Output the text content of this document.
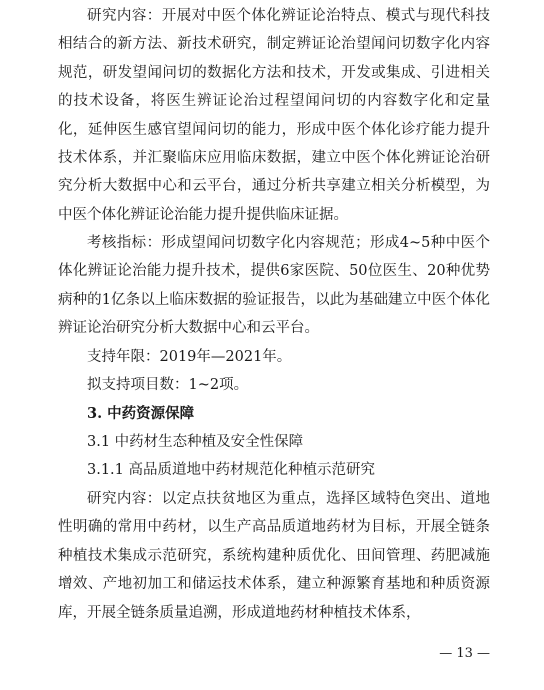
研究内容：开展对中医个体化辨证论治特点、模式与现代科技相结合的新方法、新技术研究，制定辨证论治望闻问切数字化内容规范，研发望闻问切的数据化方法和技术，开发或集成、引进相关的技术设备，将医生辨证论治过程望闻问切的内容数字化和定量化，延伸医生感官望闻问切的能力，形成中医个体化诊疗能力提升技术体系，并汇聚临床应用临床数据，建立中医个体化辨证论治研究分析大数据中心和云平台，通过分析共享建立相关分析模型，为中医个体化辨证论治能力提升提供临床证据。

考核指标：形成望闻问切数字化内容规范；形成4~5种中医个体化辨证论治能力提升技术，提供6家医院、50位医生、20种优势病种的1亿条以上临床数据的验证报告，以此为基础建立中医个体化辨证论治研究分析大数据中心和云平台。

支持年限：2019年—2021年。

拟支持项目数：1~2项。

3. 中药资源保障

3.1 中药材生态种植及安全性保障

3.1.1 高品质道地中药材规范化种植示范研究

研究内容：以定点扶贫地区为重点，选择区域特色突出、道地性明确的常用中药材，以生产高品质道地药材为目标，开展全链条种植技术集成示范研究，系统构建种质优化、田间管理、药肥减施增效、产地初加工和储运技术体系，建立种源繁育基地和种质资源库，开展全链条质量追溯，形成道地药材种植技术体系，

— 13 —
